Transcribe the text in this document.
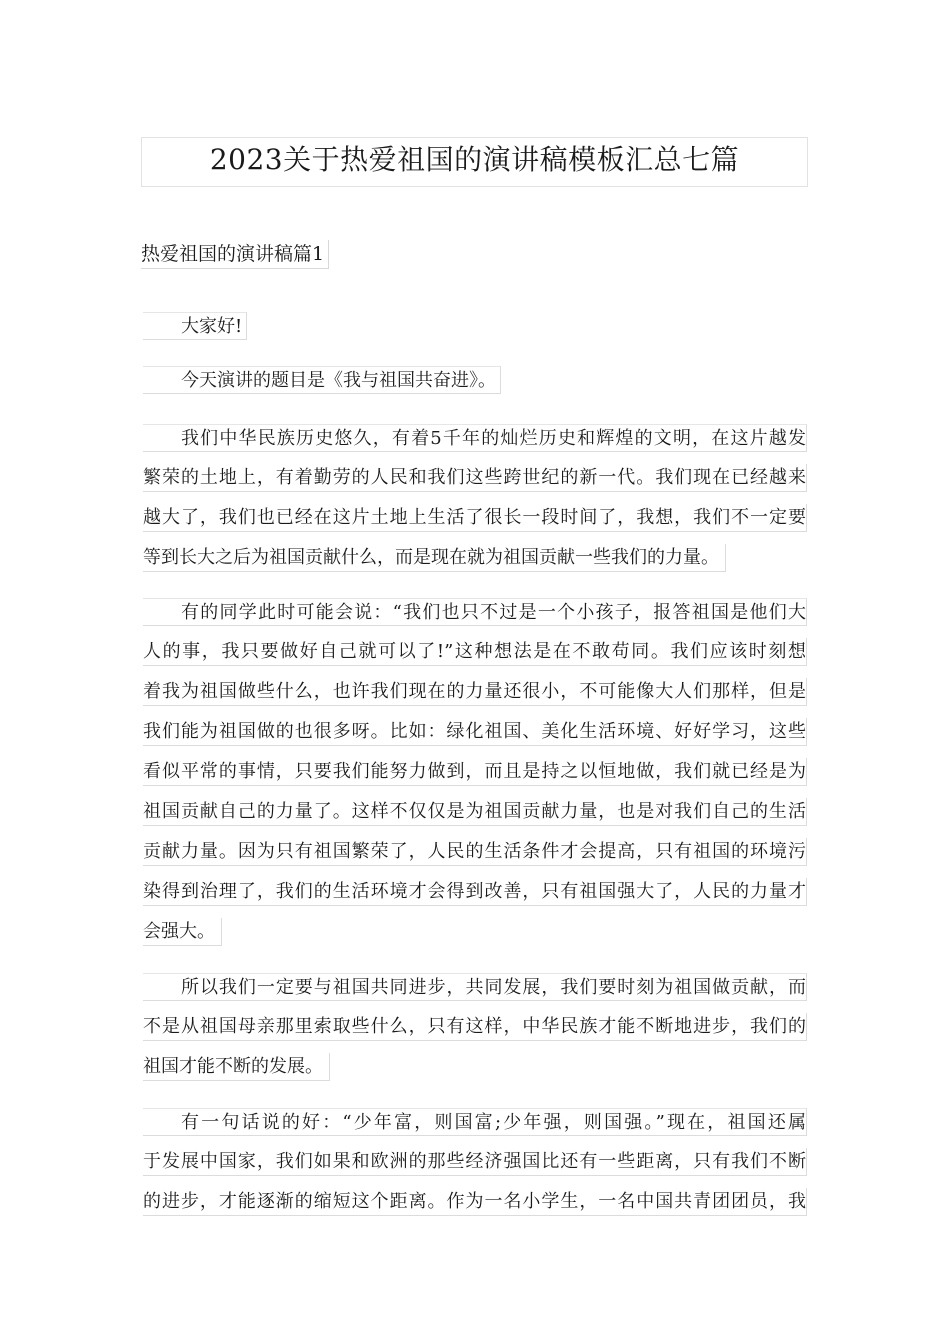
2023关于热爱祖国的演讲稿模板汇总七篇
热爱祖国的演讲稿篇1
大家好!
今天演讲的题目是《我与祖国共奋进》。
我们中华民族历史悠久，有着5千年的灿烂历史和辉煌的文明，在这片越发
繁荣的土地上，有着勤劳的人民和我们这些跨世纪的新一代。我们现在已经越来
越大了，我们也已经在这片土地上生活了很长一段时间了，我想，我们不一定要
等到长大之后为祖国贡献什么，而是现在就为祖国贡献一些我们的力量。
有的同学此时可能会说：“我们也只不过是一个小孩子，报答祖国是他们大
人的事，我只要做好自己就可以了!”这种想法是在不敢苟同。我们应该时刻想
着我为祖国做些什么，也许我们现在的力量还很小，不可能像大人们那样，但是
我们能为祖国做的也很多呀。比如：绿化祖国、美化生活环境、好好学习，这些
看似平常的事情，只要我们能努力做到，而且是持之以恒地做，我们就已经是为
祖国贡献自己的力量了。这样不仅仅是为祖国贡献力量，也是对我们自己的生活
贡献力量。因为只有祖国繁荣了，人民的生活条件才会提高，只有祖国的环境污
染得到治理了，我们的生活环境才会得到改善，只有祖国强大了，人民的力量才
会强大。
所以我们一定要与祖国共同进步，共同发展，我们要时刻为祖国做贡献，而
不是从祖国母亲那里索取些什么，只有这样，中华民族才能不断地进步，我们的
祖国才能不断的发展。
有一句话说的好：“少年富，则国富;少年强，则国强。”现在，祖国还属
于发展中国家，我们如果和欧洲的那些经济强国比还有一些距离，只有我们不断
的进步，才能逐渐的缩短这个距离。作为一名小学生，一名中国共青团团员，我
